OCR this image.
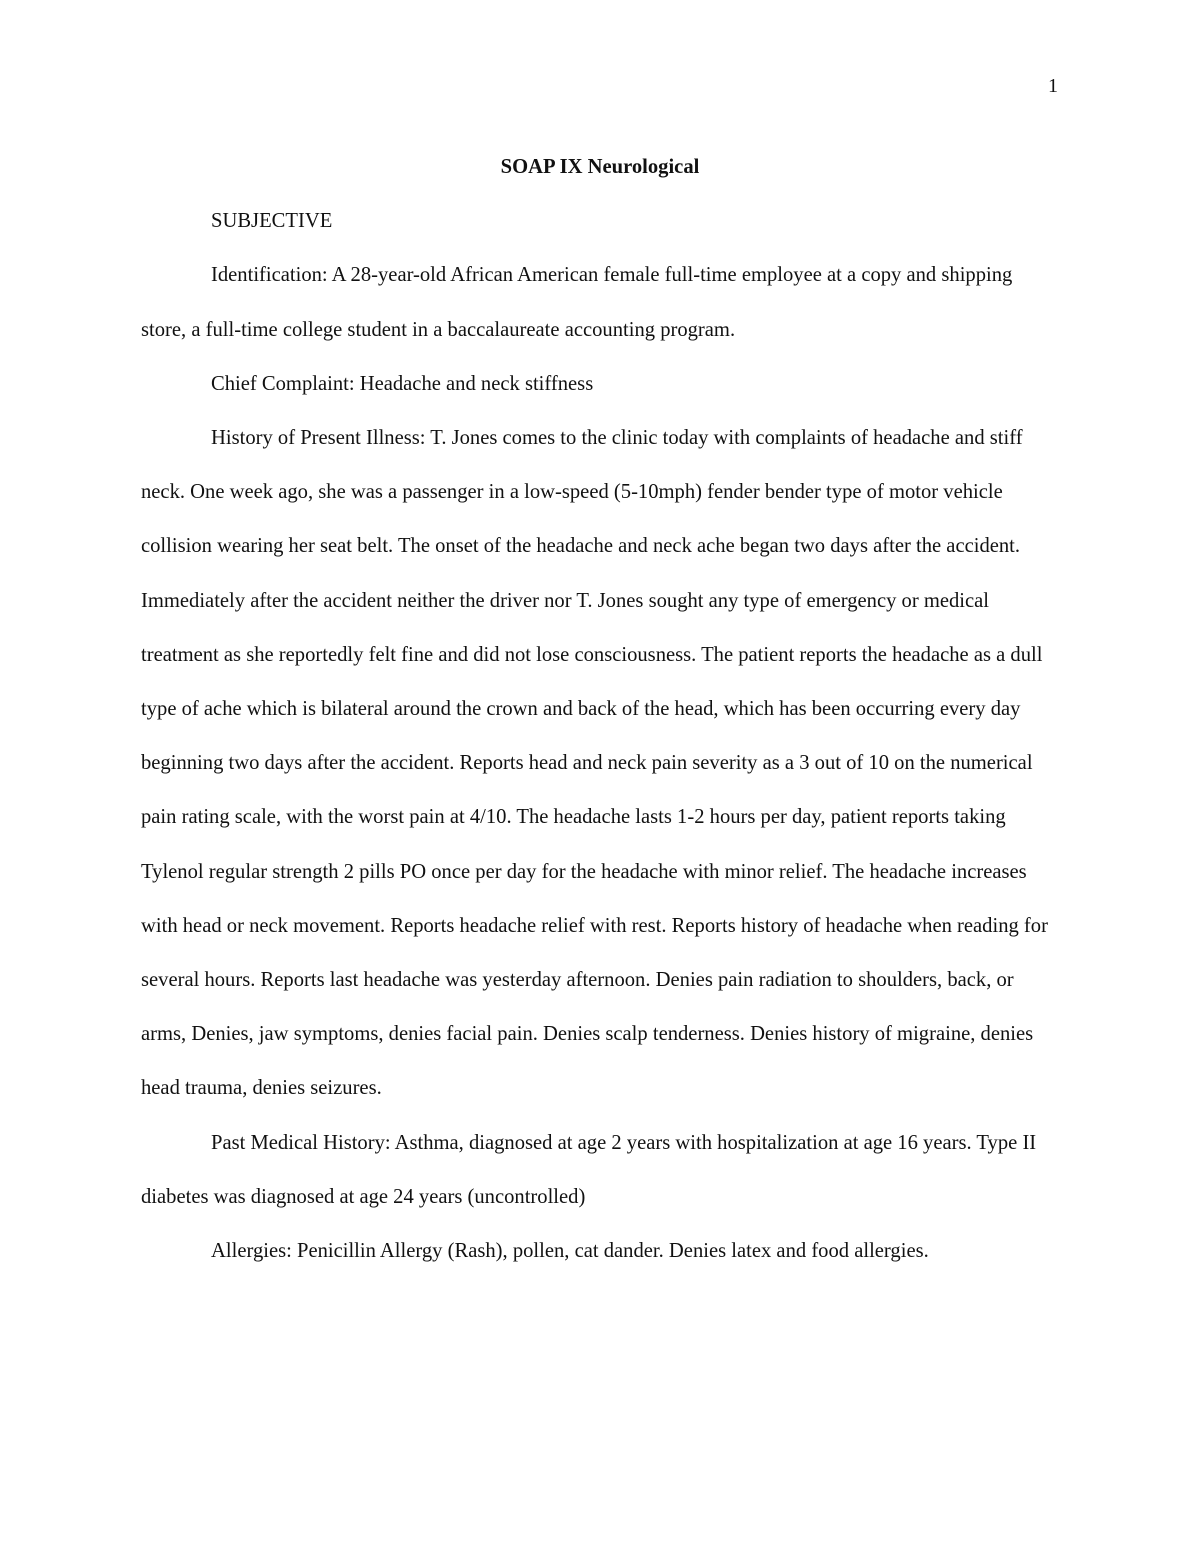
1

SOAP IX Neurological

SUBJECTIVE

Identification: A 28-year-old African American female full-time employee at a copy and shipping store, a full-time college student in a baccalaureate accounting program.

Chief Complaint: Headache and neck stiffness

History of Present Illness: T. Jones comes to the clinic today with complaints of headache and stiff neck. One week ago, she was a passenger in a low-speed (5-10mph) fender bender type of motor vehicle collision wearing her seat belt. The onset of the headache and neck ache began two days after the accident. Immediately after the accident neither the driver nor T. Jones sought any type of emergency or medical treatment as she reportedly felt fine and did not lose consciousness. The patient reports the headache as a dull type of ache which is bilateral around the crown and back of the head, which has been occurring every day beginning two days after the accident. Reports head and neck pain severity as a 3 out of 10 on the numerical pain rating scale, with the worst pain at 4/10. The headache lasts 1-2 hours per day, patient reports taking Tylenol regular strength 2 pills PO once per day for the headache with minor relief. The headache increases with head or neck movement. Reports headache relief with rest. Reports history of headache when reading for several hours. Reports last headache was yesterday afternoon. Denies pain radiation to shoulders, back, or arms, Denies, jaw symptoms, denies facial pain. Denies scalp tenderness. Denies history of migraine, denies head trauma, denies seizures.

Past Medical History: Asthma, diagnosed at age 2 years with hospitalization at age 16 years. Type II diabetes was diagnosed at age 24 years (uncontrolled)

Allergies: Penicillin Allergy (Rash), pollen, cat dander. Denies latex and food allergies.
